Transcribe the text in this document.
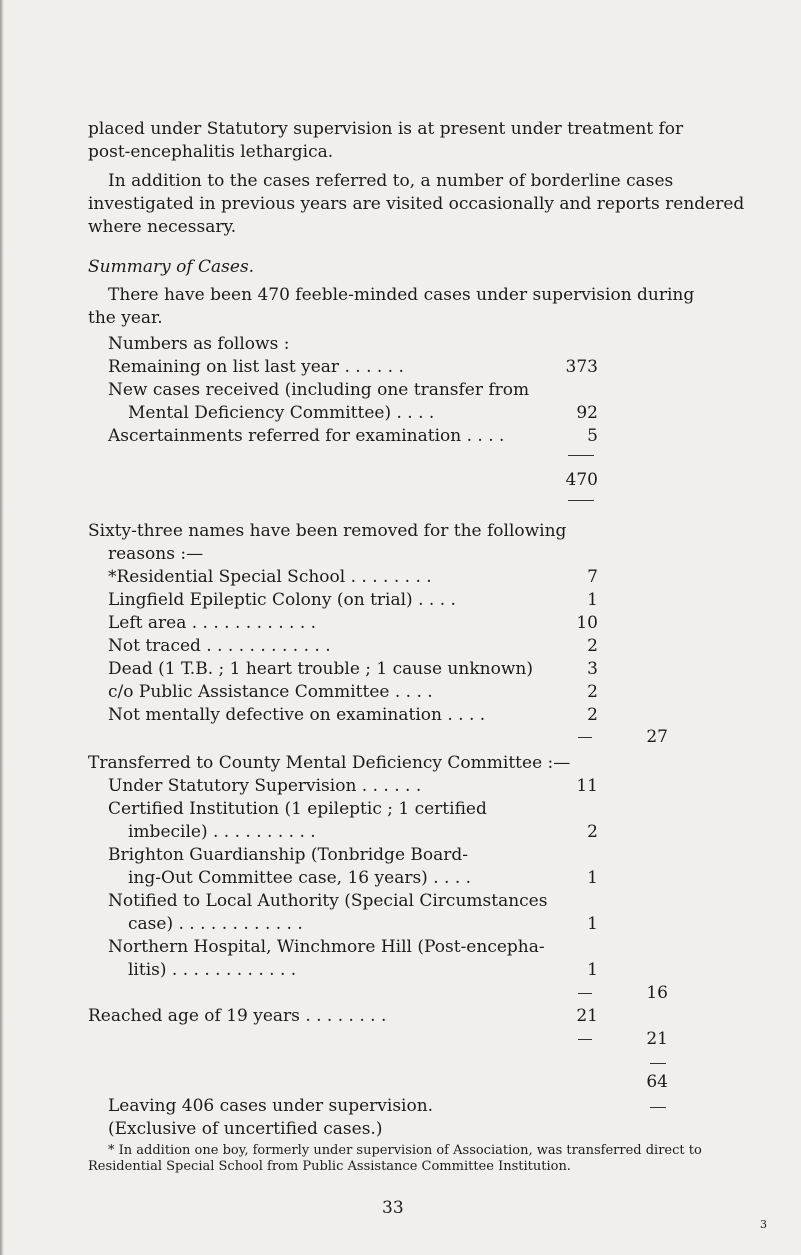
placed under Statutory supervision is at present under treatment for
post-encephalitis lethargica.
In addition to the cases referred to, a number of borderline cases
investigated in previous years are visited occasionally and reports rendered
where necessary.
Summary of Cases.
There have been 470 feeble-minded cases under supervision during
the year.
Numbers as follows :
Remaining on list last year . . . . . .	373
New cases received (including one transfer from
Mental Deficiency Committee) . . . .	92
Ascertainments referred for examination . . . .	5
470
Sixty-three names have been removed for the following
reasons :—
*Residential Special School . . . . . . . .	7
Lingfield Epileptic Colony (on trial) . . . .	1
Left area . . . . . . . . . . . .	10
Not traced . . . . . . . . . . . .	2
Dead (1 T.B. ; 1 heart trouble ; 1 cause unknown)	3
c/o Public Assistance Committee . . . .	2
Not mentally defective on examination . . . .	2
27
Transferred to County Mental Deficiency Committee :—
Under Statutory Supervision . . . . . .	11
Certified Institution (1 epileptic ; 1 certified
imbecile) . . . . . . . . . .	2
Brighton Guardianship (Tonbridge Board-
ing-Out Committee case, 16 years) . . . .	1
Notified to Local Authority (Special Circumstances
case) . . . . . . . . . . . .	1
Northern Hospital, Winchmore Hill (Post-encepha-
litis) . . . . . . . . . . . .	1
16
Reached age of 19 years . . . . . . . .	21
21
64
Leaving 406 cases under supervision.
(Exclusive of uncertified cases.)
* In addition one boy, formerly under supervision of Association, was transferred direct to Residential Special School from Public Assistance Committee Institution.
33
3
